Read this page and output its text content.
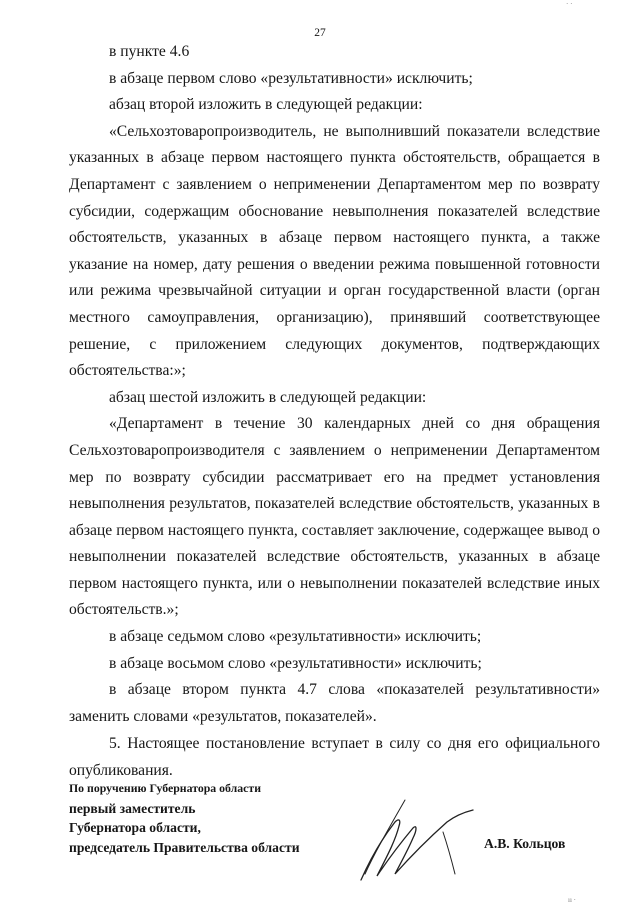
· ·
27

в пункте 4.6

в абзаце первом слово «результативности» исключить;

абзац второй изложить в следующей редакции:

«Сельхозтоваропроизводитель, не выполнивший показатели вследствие указанных в абзаце первом настоящего пункта обстоятельств, обращается в Департамент с заявлением о неприменении Департаментом мер по возврату субсидии, содержащим обоснование невыполнения показателей вследствие обстоятельств, указанных в абзаце первом настоящего пункта, а также указание на номер, дату решения о введении режима повышенной готовности или режима чрезвычайной ситуации и орган государственной власти (орган местного самоуправления, организацию), принявший соответствующее решение, с приложением следующих документов, подтверждающих обстоятельства:»;

абзац шестой изложить в следующей редакции:

«Департамент в течение 30 календарных дней со дня обращения Сельхозтоваропроизводителя с заявлением о неприменении Департаментом мер по возврату субсидии рассматривает его на предмет установления невыполнения результатов, показателей вследствие обстоятельств, указанных в абзаце первом настоящего пункта, составляет заключение, содержащее вывод о невыполнении показателей вследствие обстоятельств, указанных в абзаце первом настоящего пункта, или о невыполнении показателей вследствие иных обстоятельств.»;

в абзаце седьмом слово «результативности» исключить;

в абзаце восьмом слово «результативности» исключить;

в абзаце втором пункта 4.7 слова «показателей результативности» заменить словами «результатов, показателей».

5. Настоящее постановление вступает в силу со дня его официального опубликования.

По поручению Губернатора области
первый заместитель
Губернатора области,
председатель Правительства области	А.В. Кольцов
ıı ·
